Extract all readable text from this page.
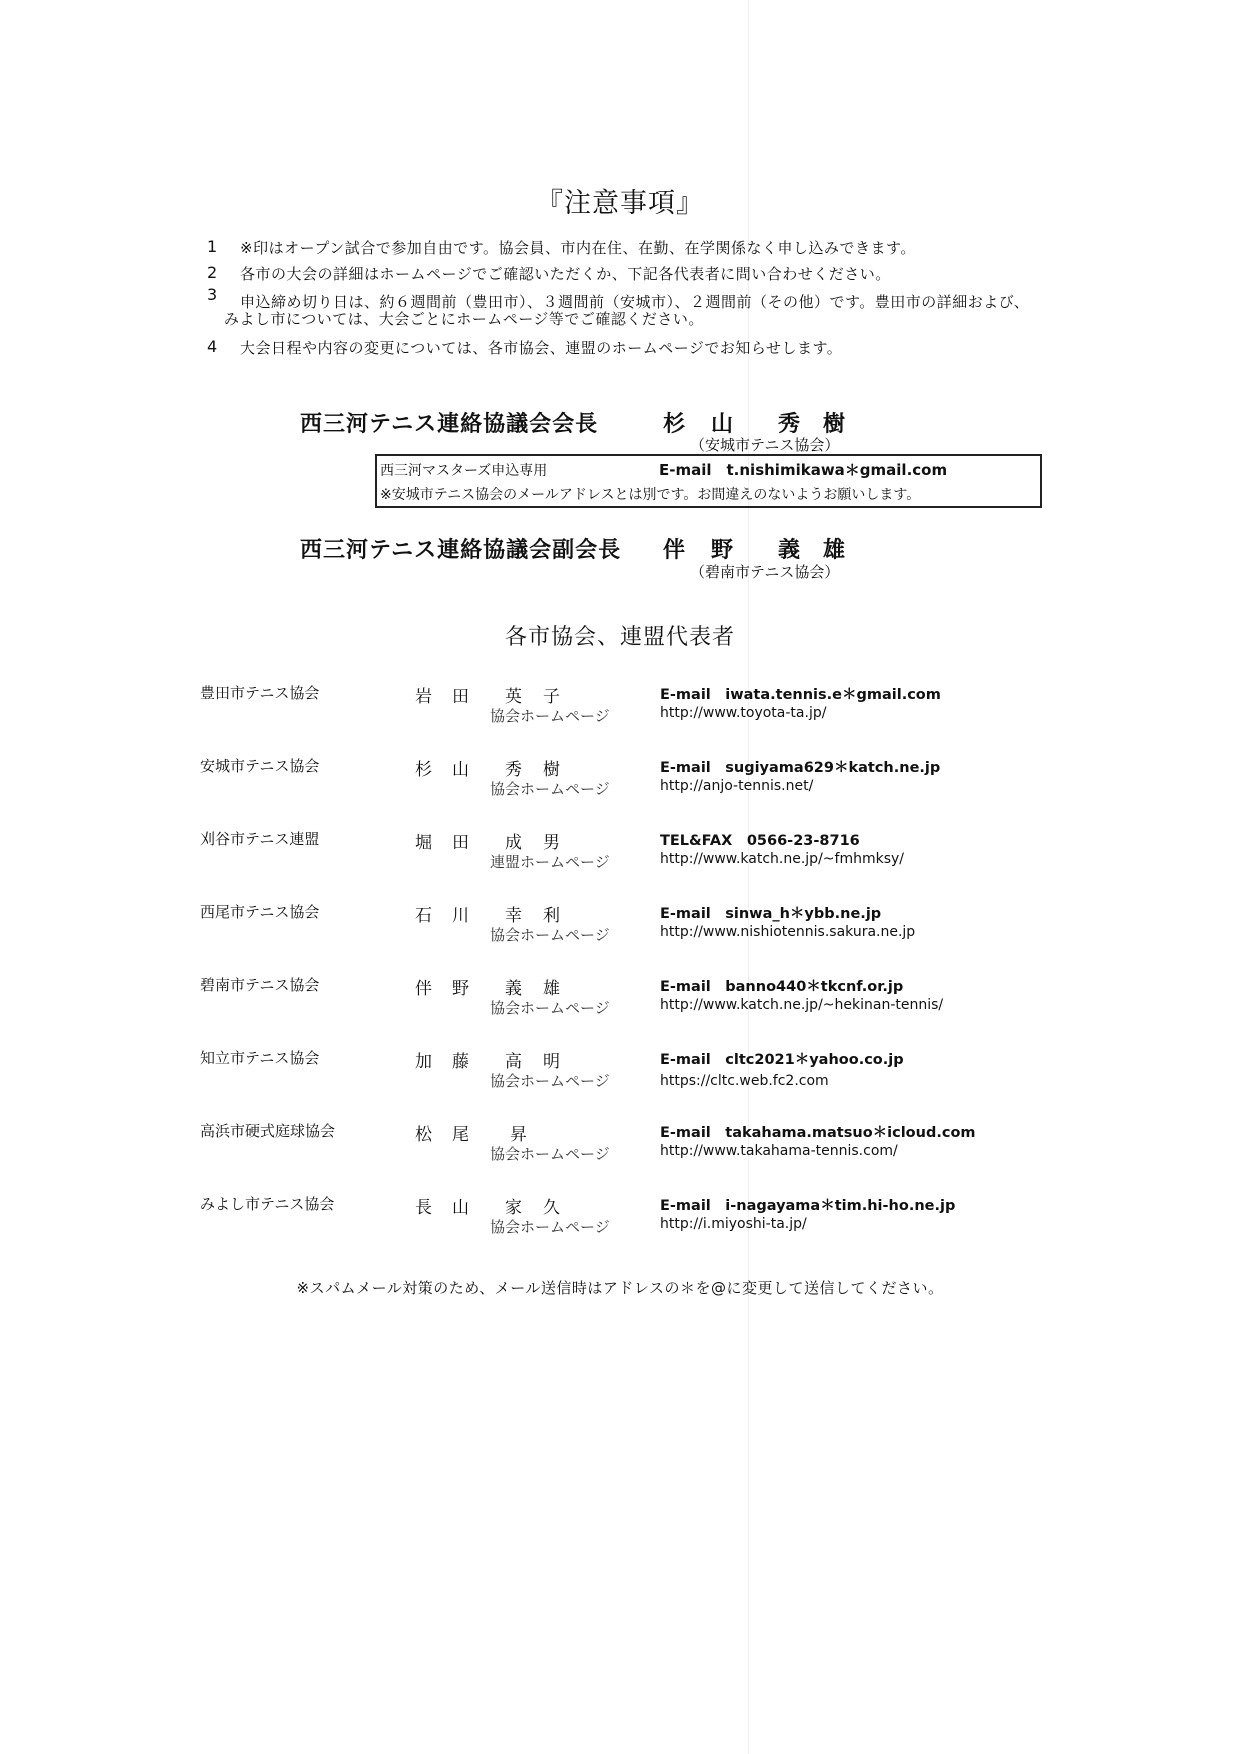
『注意事項』
1 ※印はオープン試合で参加自由です。協会員、市内在住、在勤、在学関係なく申し込みできます。
2 各市の大会の詳細はホームページでご確認いただくか、下記各代表者に問い合わせください。
3 申込締め切り日は、約６週間前（豊田市）、３週間前（安城市）、２週間前（その他）です。豊田市の詳細および、
みよし市については、大会ごとにホームページ等でご確認ください。
4 大会日程や内容の変更については、各市協会、連盟のホームページでお知らせします。
西三河テニス連絡協議会会長	杉 山 秀 樹
（安城市テニス協会）
西三河マスターズ申込専用	E-mail　t.nishimikawa＊gmail.com
※安城市テニス協会のメールアドレスとは別です。お間違えのないようお願いします。
西三河テニス連絡協議会副会長 伴 野 義 雄
（碧南市テニス協会）
各市協会、連盟代表者
豊田市テニス協会	岩 田 英 子
協会ホームページ
E-mail　iwata.tennis.e＊gmail.com
http://www.toyota-ta.jp/
安城市テニス協会	杉 山 秀 樹
協会ホームページ
E-mail　sugiyama629＊katch.ne.jp
http://anjo-tennis.net/
刈谷市テニス連盟	堀 田 成 男
連盟ホームページ
TEL&FAX　0566-23-8716
http://www.katch.ne.jp/~fmhmksy/
西尾市テニス協会	石 川 幸 利
協会ホームページ
E-mail　sinwa_h＊ybb.ne.jp
http://www.nishiotennis.sakura.ne.jp
碧南市テニス協会	伴 野 義 雄
協会ホームページ
E-mail　banno440＊tkcnf.or.jp
http://www.katch.ne.jp/~hekinan-tennis/
知立市テニス協会	加 藤 高 明
協会ホームページ
E-mail　cltc2021＊yahoo.co.jp
https://cltc.web.fc2.com
高浜市硬式庭球協会	松 尾 昇
協会ホームページ
E-mail　takahama.matsuo＊icloud.com
http://www.takahama-tennis.com/
みよし市テニス協会	長 山 家 久
協会ホームページ
E-mail　i-nagayama＊tim.hi-ho.ne.jp
http://i.miyoshi-ta.jp/
※スパムメール対策のため、メール送信時はアドレスの＊を@に変更して送信してください。
